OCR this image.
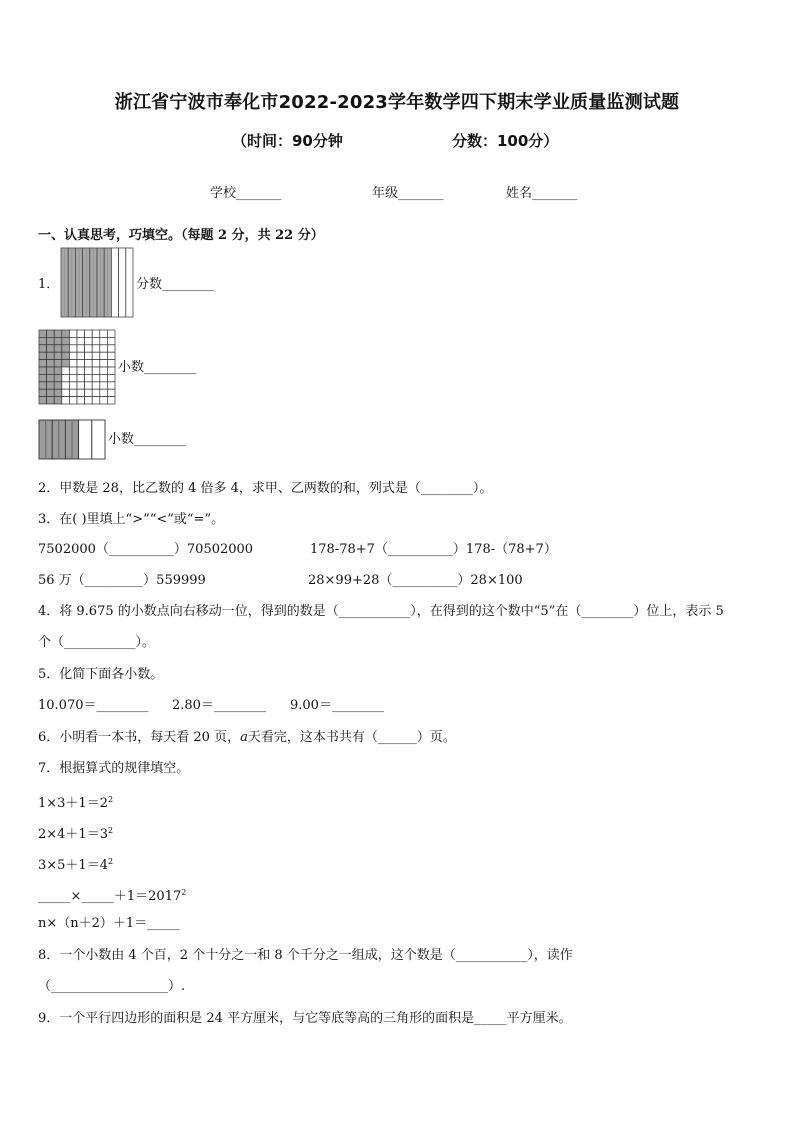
浙江省宁波市奉化市2022-2023学年数学四下期末学业质量监测试题
（时间：90分钟	分数：100分）
学校_______	年级_______	姓名_______
一、认真思考，巧填空。（每题 2 分，共 22 分）
1．	分数________
小数________
小数________
2．甲数是 28，比乙数的 4 倍多 4，求甲、乙两数的和，列式是（________）。
3．在( )里填上“>”“<”或“=”。
7502000（__________）70502000	178-78+7（__________）178-（78+7）
56 万（_________）559999	28×99+28（__________）28×100
4．将 9.675 的小数点向右移动一位，得到的数是（___________），在得到的这个数中“5”在（________）位上，表示 5
个（___________）。
5．化简下面各小数。
10.070＝________ 2.80＝________ 9.00＝________
6．小明看一本书，每天看 20 页，a天看完，这本书共有（______）页。
7．根据算式的规律填空。
$1\times 3+1=2^2$
$2\times 4+1=3^2$
$3\times 5+1=4^2$
$\_\_\_\_\_\times\_\_\_\_\_+1=2017^2$
n×（n＋2）＋1＝_____
8．一个小数由 4 个百，2 个十分之一和 8 个千分之一组成，这个数是（___________），读作
（__________________）.
9．一个平行四边形的面积是 24 平方厘米，与它等底等高的三角形的面积是_____平方厘米。
